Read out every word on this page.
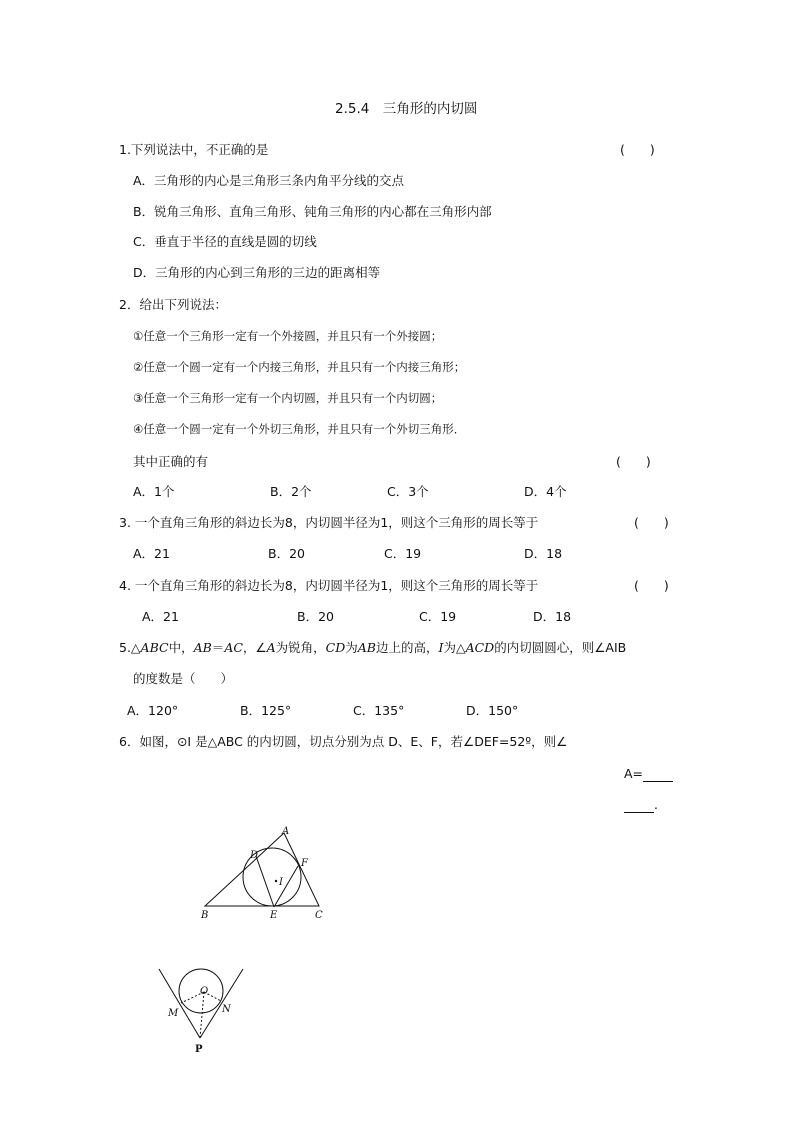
2.5.4　三角形的内切圆
1.下列说法中，不正确的是	(　　)
A．三角形的内心是三角形三条内角平分线的交点
B．锐角三角形、直角三角形、钝角三角形的内心都在三角形内部
C．垂直于半径的直线是圆的切线
D．三角形的内心到三角形的三边的距离相等
2．给出下列说法：
①任意一个三角形一定有一个外接圆，并且只有一个外接圆；
②任意一个圆一定有一个内接三角形，并且只有一个内接三角形；
③任意一个三角形一定有一个内切圆，并且只有一个内切圆；
④任意一个圆一定有一个外切三角形，并且只有一个外切三角形．
其中正确的有	(　　)
A．1个	B．2个	C．3个	D．4个
3. 一个直角三角形的斜边长为8，内切圆半径为1，则这个三角形的周长等于	(　　)
A．21	B．20	C．19	D．18
4. 一个直角三角形的斜边长为8，内切圆半径为1，则这个三角形的周长等于	(　　)
A．21	B．20	C．19	D．18
5.△ABC中，AB＝AC，∠A为锐角，CD为AB边上的高，I为△ACD的内切圆圆心，则∠AIB
的度数是（　　）
A．120°	B．125°	C．135°	D．150°
6．如图，⊙I 是△ABC 的内切圆，切点分别为点 D、E、F，若∠DEF=52º，则∠
A=
.
A
B	C
D
E
F
I
O
M	N
P
